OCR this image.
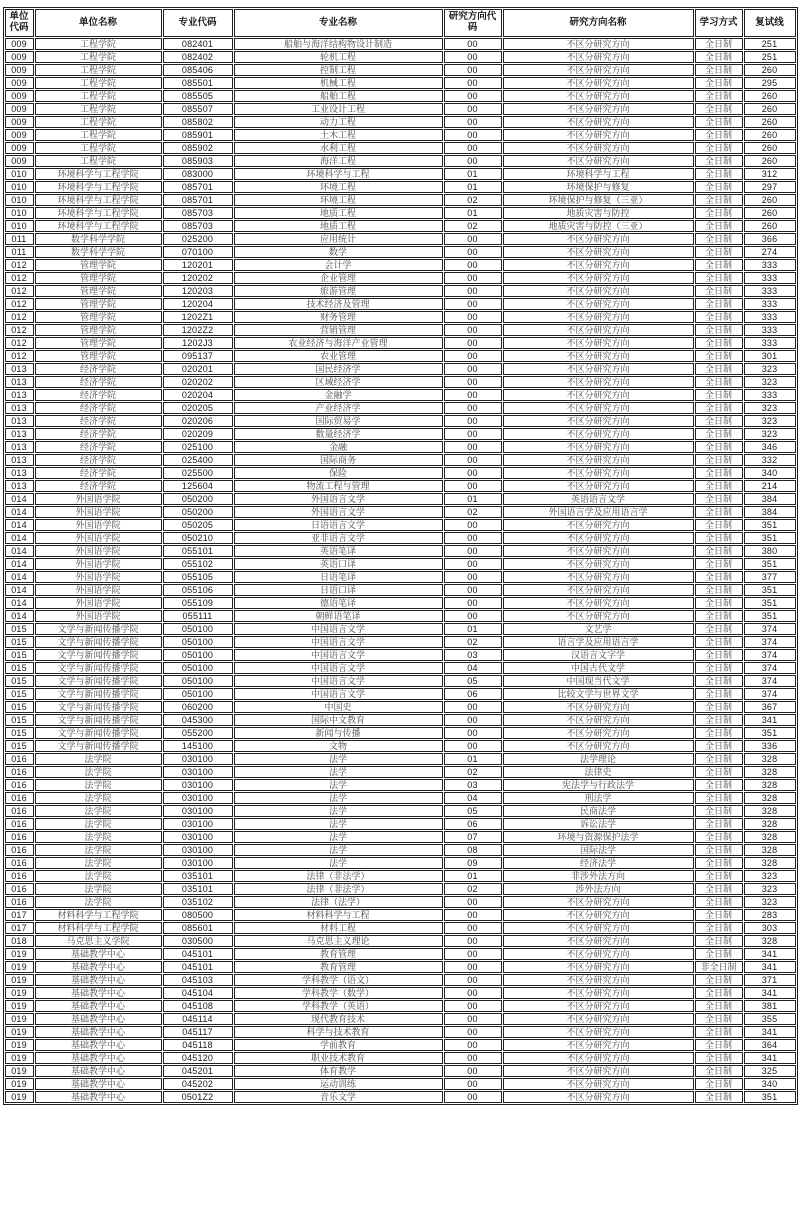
单位代码	单位名称	专业代码	专业名称	研究方向代码	研究方向名称	学习方式	复试线
009	工程学院	082401	船舶与海洋结构物设计制造	00	不区分研究方向	全日制	251
009	工程学院	082402	轮机工程	00	不区分研究方向	全日制	251
009	工程学院	085406	控制工程	00	不区分研究方向	全日制	260
009	工程学院	085501	机械工程	00	不区分研究方向	全日制	295
009	工程学院	085505	船舶工程	00	不区分研究方向	全日制	260
009	工程学院	085507	工业设计工程	00	不区分研究方向	全日制	260
009	工程学院	085802	动力工程	00	不区分研究方向	全日制	260
009	工程学院	085901	土木工程	00	不区分研究方向	全日制	260
009	工程学院	085902	水利工程	00	不区分研究方向	全日制	260
009	工程学院	085903	海洋工程	00	不区分研究方向	全日制	260
010	环境科学与工程学院	083000	环境科学与工程	01	环境科学与工程	全日制	312
010	环境科学与工程学院	085701	环境工程	01	环境保护与修复	全日制	297
010	环境科学与工程学院	085701	环境工程	02	环境保护与修复（三亚）	全日制	260
010	环境科学与工程学院	085703	地质工程	01	地质灾害与防控	全日制	260
010	环境科学与工程学院	085703	地质工程	02	地质灾害与防控（三亚）	全日制	260
011	数学科学学院	025200	应用统计	00	不区分研究方向	全日制	366
011	数学科学学院	070100	数学	00	不区分研究方向	全日制	274
012	管理学院	120201	会计学	00	不区分研究方向	全日制	333
012	管理学院	120202	企业管理	00	不区分研究方向	全日制	333
012	管理学院	120203	旅游管理	00	不区分研究方向	全日制	333
012	管理学院	120204	技术经济及管理	00	不区分研究方向	全日制	333
012	管理学院	1202Z1	财务管理	00	不区分研究方向	全日制	333
012	管理学院	1202Z2	营销管理	00	不区分研究方向	全日制	333
012	管理学院	1202J3	农业经济与海洋产业管理	00	不区分研究方向	全日制	333
012	管理学院	095137	农业管理	00	不区分研究方向	全日制	301
013	经济学院	020201	国民经济学	00	不区分研究方向	全日制	323
013	经济学院	020202	区域经济学	00	不区分研究方向	全日制	323
013	经济学院	020204	金融学	00	不区分研究方向	全日制	333
013	经济学院	020205	产业经济学	00	不区分研究方向	全日制	323
013	经济学院	020206	国际贸易学	00	不区分研究方向	全日制	323
013	经济学院	020209	数量经济学	00	不区分研究方向	全日制	323
013	经济学院	025100	金融	00	不区分研究方向	全日制	346
013	经济学院	025400	国际商务	00	不区分研究方向	全日制	332
013	经济学院	025500	保险	00	不区分研究方向	全日制	340
013	经济学院	125604	物流工程与管理	00	不区分研究方向	全日制	214
014	外国语学院	050200	外国语言文学	01	英语语言文学	全日制	384
014	外国语学院	050200	外国语言文学	02	外国语言学及应用语言学	全日制	384
014	外国语学院	050205	日语语言文学	00	不区分研究方向	全日制	351
014	外国语学院	050210	亚非语言文学	00	不区分研究方向	全日制	351
014	外国语学院	055101	英语笔译	00	不区分研究方向	全日制	380
014	外国语学院	055102	英语口译	00	不区分研究方向	全日制	351
014	外国语学院	055105	日语笔译	00	不区分研究方向	全日制	377
014	外国语学院	055106	日语口译	00	不区分研究方向	全日制	351
014	外国语学院	055109	德语笔译	00	不区分研究方向	全日制	351
014	外国语学院	055111	朝鲜语笔译	00	不区分研究方向	全日制	351
015	文学与新闻传播学院	050100	中国语言文学	01	文艺学	全日制	374
015	文学与新闻传播学院	050100	中国语言文学	02	语言学及应用语言学	全日制	374
015	文学与新闻传播学院	050100	中国语言文学	03	汉语言文字学	全日制	374
015	文学与新闻传播学院	050100	中国语言文学	04	中国古代文学	全日制	374
015	文学与新闻传播学院	050100	中国语言文学	05	中国现当代文学	全日制	374
015	文学与新闻传播学院	050100	中国语言文学	06	比较文学与世界文学	全日制	374
015	文学与新闻传播学院	060200	中国史	00	不区分研究方向	全日制	367
015	文学与新闻传播学院	045300	国际中文教育	00	不区分研究方向	全日制	341
015	文学与新闻传播学院	055200	新闻与传播	00	不区分研究方向	全日制	351
015	文学与新闻传播学院	145100	文物	00	不区分研究方向	全日制	336
016	法学院	030100	法学	01	法学理论	全日制	328
016	法学院	030100	法学	02	法律史	全日制	328
016	法学院	030100	法学	03	宪法学与行政法学	全日制	328
016	法学院	030100	法学	04	刑法学	全日制	328
016	法学院	030100	法学	05	民商法学	全日制	328
016	法学院	030100	法学	06	诉讼法学	全日制	328
016	法学院	030100	法学	07	环境与资源保护法学	全日制	328
016	法学院	030100	法学	08	国际法学	全日制	328
016	法学院	030100	法学	09	经济法学	全日制	328
016	法学院	035101	法律（非法学）	01	非涉外法方向	全日制	323
016	法学院	035101	法律（非法学）	02	涉外法方向	全日制	323
016	法学院	035102	法律（法学）	00	不区分研究方向	全日制	323
017	材料科学与工程学院	080500	材料科学与工程	00	不区分研究方向	全日制	283
017	材料科学与工程学院	085601	材料工程	00	不区分研究方向	全日制	303
018	马克思主义学院	030500	马克思主义理论	00	不区分研究方向	全日制	328
019	基础教学中心	045101	教育管理	00	不区分研究方向	全日制	341
019	基础教学中心	045101	教育管理	00	不区分研究方向	非全日制	341
019	基础教学中心	045103	学科教学（语文）	00	不区分研究方向	全日制	371
019	基础教学中心	045104	学科教学（数学）	00	不区分研究方向	全日制	341
019	基础教学中心	045108	学科教学（英语）	00	不区分研究方向	全日制	381
019	基础教学中心	045114	现代教育技术	00	不区分研究方向	全日制	355
019	基础教学中心	045117	科学与技术教育	00	不区分研究方向	全日制	341
019	基础教学中心	045118	学前教育	00	不区分研究方向	全日制	364
019	基础教学中心	045120	职业技术教育	00	不区分研究方向	全日制	341
019	基础教学中心	045201	体育教学	00	不区分研究方向	全日制	325
019	基础教学中心	045202	运动训练	00	不区分研究方向	全日制	340
019	基础教学中心	0501Z2	音乐文学	00	不区分研究方向	全日制	351
